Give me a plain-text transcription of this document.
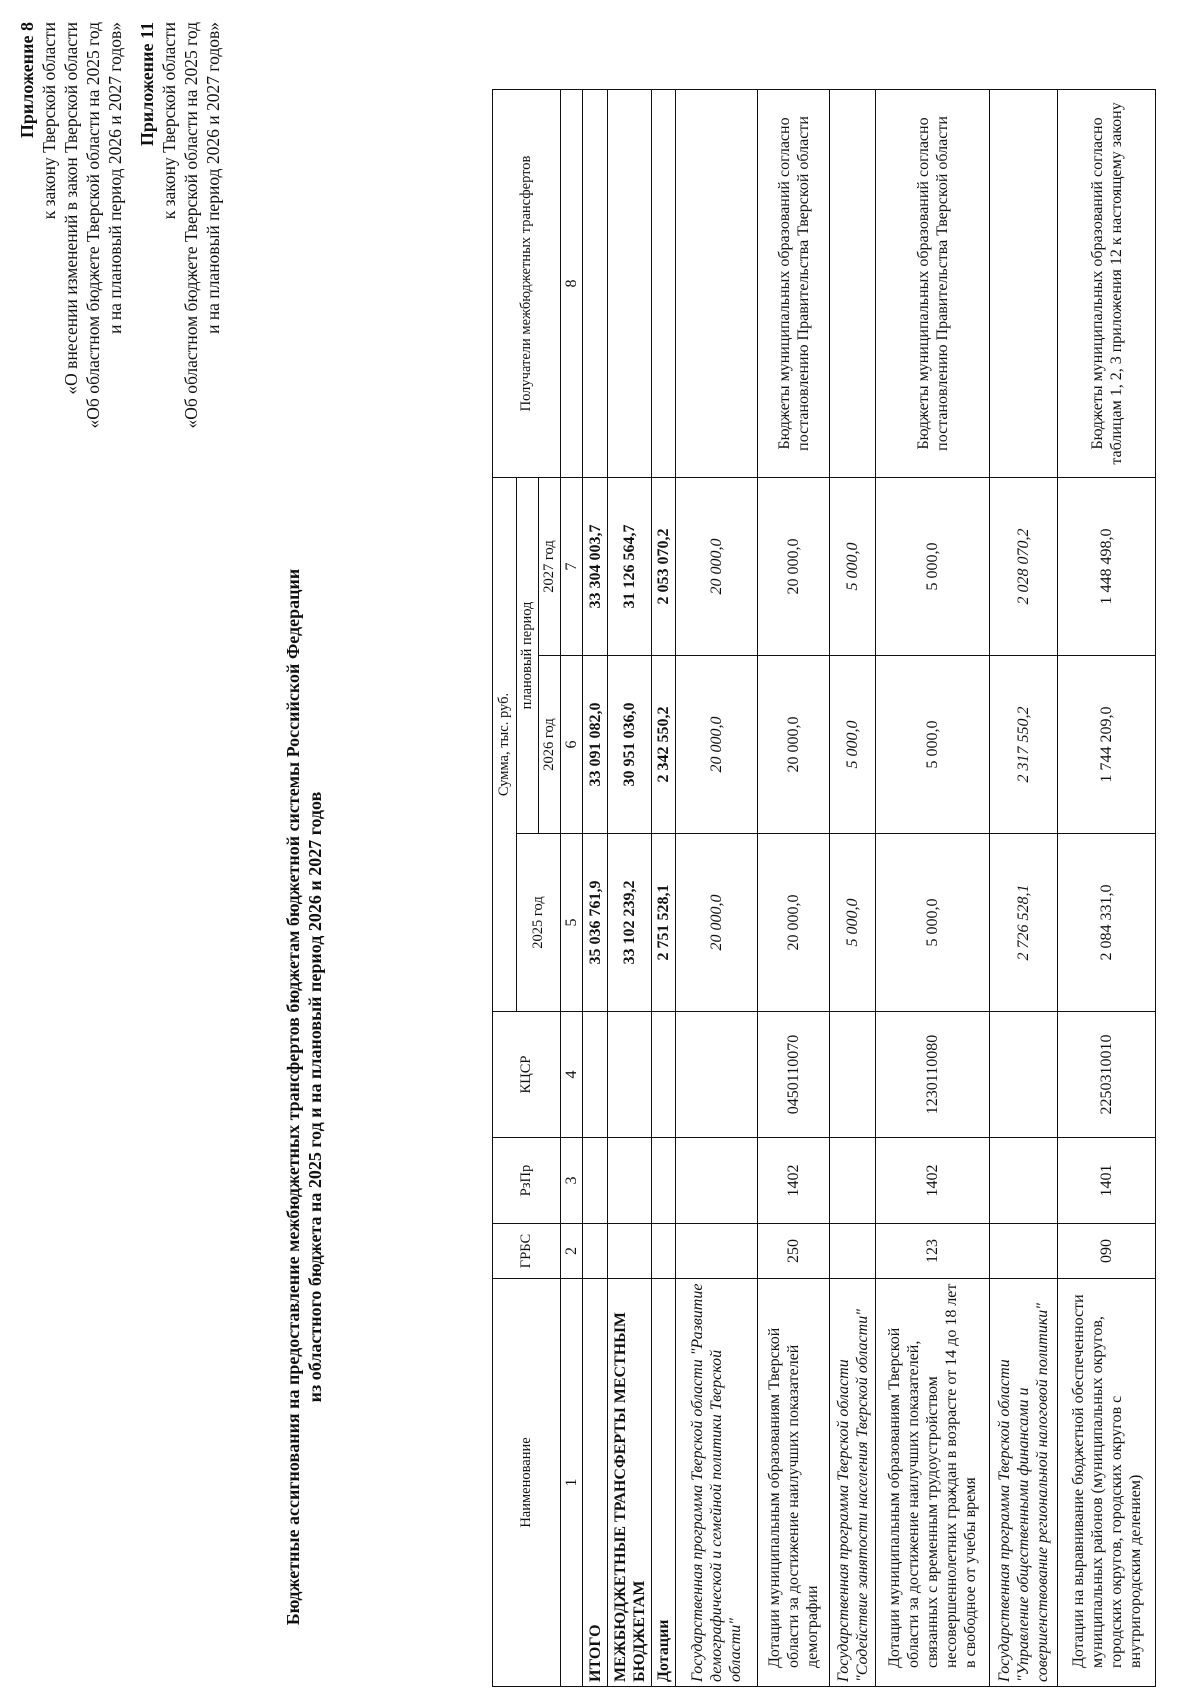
Приложение 8 к закону Тверской области «О внесении изменений в закон Тверской области «Об областном бюджете Тверской области на 2025 год и на плановый период 2026 и 2027 годов» Приложение 11 к закону Тверской области «Об областном бюджете Тверской области на 2025 год и на плановый период 2026 и 2027 годов»
Бюджетные ассигнования на предоставление межбюджетных трансфертов бюджетам бюджетной системы Российской Федерации из областного бюджета на 2025 год и на плановый период 2026 и 2027 годов
Наименование	ГРБС	РзПр	КЦСР	Сумма, тыс. руб.			Получатели межбюджетных трансфертов
				2025 год	плановый период		
					2026 год	2027 год	
1	2	3	4	5	6	7	8
ИТОГО				35 036 761,9	33 091 082,0	33 304 003,7	
МЕЖБЮДЖЕТНЫЕ ТРАНСФЕРТЫ МЕСТНЫМ БЮДЖЕТАМ				33 102 239,2	30 951 036,0	31 126 564,7	
Дотации				2 751 528,1	2 342 550,2	2 053 070,2	
Государственная программа Тверской области "Развитие демографической и семейной политики Тверской области"				20 000,0	20 000,0	20 000,0	

Дотации муниципальным образованиям Тверской области за достижение наилучших показателей демографии	250	1402	0450110070	20 000,0	20 000,0	20 000,0	Бюджеты муниципальных образований согласно постановлению Правительства Тверской области
Государственная программа Тверской области "Содействие занятости населения Тверской области"				5 000,0	5 000,0	5 000,0	

Дотации муниципальным образованиям Тверской области за достижение наилучших показателей, связанных с временным трудоустройством несовершеннолетних граждан в возрасте от 14 до 18 лет в свободное от учебы время	123	1402	1230110080	5 000,0	5 000,0	5 000,0	Бюджеты муниципальных образований согласно постановлению Правительства Тверской области
Государственная программа Тверской области "Управление общественными финансами и совершенствование региональной налоговой политики"				2 726 528,1	2 317 550,2	2 028 070,2	

Дотации на выравнивание бюджетной обеспеченности муниципальных районов (муниципальных округов, городских округов, городских округов с внутригородским делением)	090	1401	2250310010	2 084 331,0	1 744 209,0	1 448 498,0	Бюджеты муниципальных образований согласно таблицам 1, 2, 3 приложения 12 к настоящему закону
